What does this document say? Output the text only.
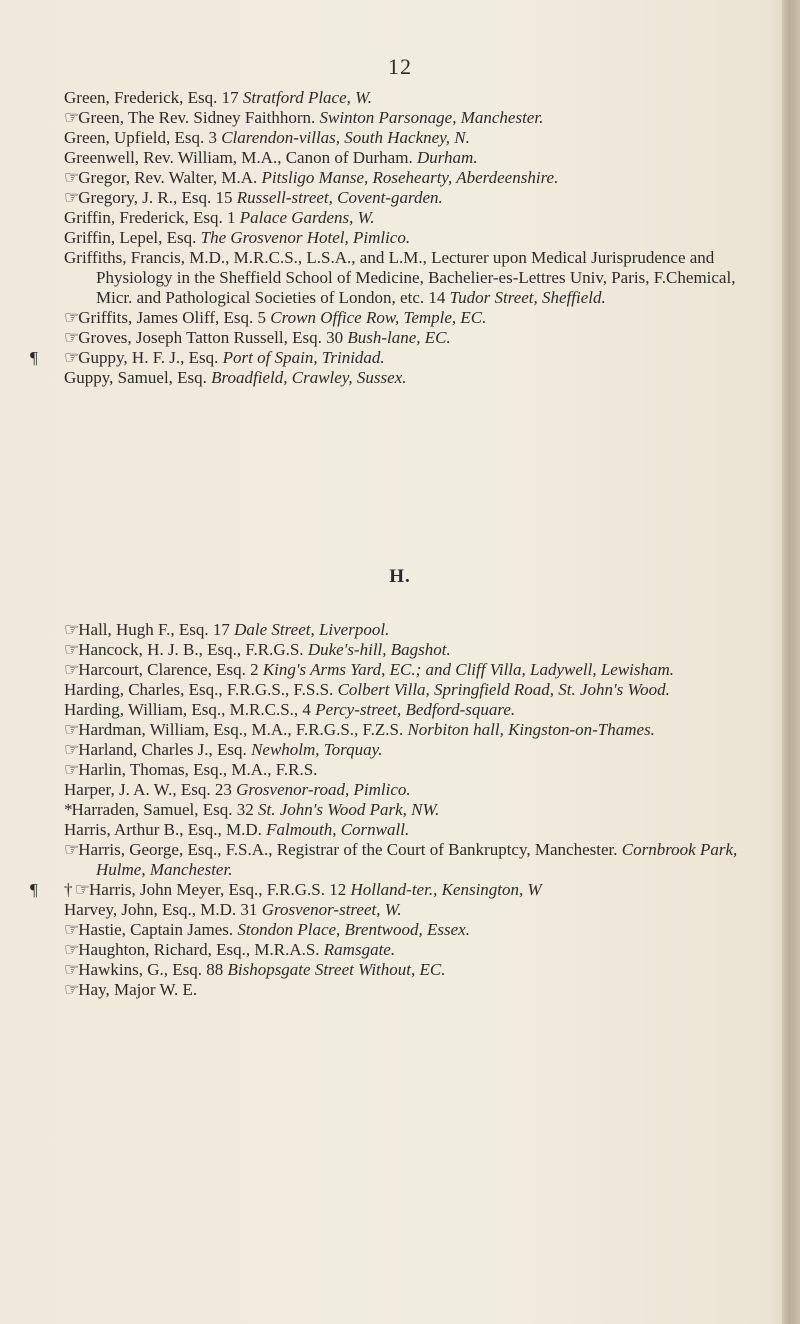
12

Green, Frederick, Esq. 17 Stratford Place, W.

☞Green, The Rev. Sidney Faithhorn. Swinton Parsonage, Manchester.

Green, Upfield, Esq. 3 Clarendon-villas, South Hackney, N.

Greenwell, Rev. William, M.A., Canon of Durham. Durham.

☞Gregor, Rev. Walter, M.A. Pitsligo Manse, Rosehearty, Aberdeenshire.

☞Gregory, J. R., Esq. 15 Russell-street, Covent-garden.

Griffin, Frederick, Esq. 1 Palace Gardens, W.

Griffin, Lepel, Esq. The Grosvenor Hotel, Pimlico.

Griffiths, Francis, M.D., M.R.C.S., L.S.A., and L.M., Lecturer upon Medical Jurisprudence and Physiology in the Sheffield School of Medicine, Bachelier-es-Lettres Univ, Paris, F.Chemical, Micr. and Pathological Societies of London, etc. 14 Tudor Street, Sheffield.

☞Griffits, James Oliff, Esq. 5 Crown Office Row, Temple, EC.

☞Groves, Joseph Tatton Russell, Esq. 30 Bush-lane, EC.

¶ ☞Guppy, H. F. J., Esq. Port of Spain, Trinidad.

Guppy, Samuel, Esq. Broadfield, Crawley, Sussex.

H.

☞Hall, Hugh F., Esq. 17 Dale Street, Liverpool.

☞Hancock, H. J. B., Esq., F.R.G.S. Duke's-hill, Bagshot.

☞Harcourt, Clarence, Esq. 2 King's Arms Yard, EC.; and Cliff Villa, Ladywell, Lewisham.

Harding, Charles, Esq., F.R.G.S., F.S.S. Colbert Villa, Springfield Road, St. John's Wood.

Harding, William, Esq., M.R.C.S., 4 Percy-street, Bedford-square.

☞Hardman, William, Esq., M.A., F.R.G.S., F.Z.S. Norbiton hall, Kingston-on-Thames.

☞Harland, Charles J., Esq. Newholm, Torquay.

☞Harlin, Thomas, Esq., M.A., F.R.S.

Harper, J. A. W., Esq. 23 Grosvenor-road, Pimlico.

*Harraden, Samuel, Esq. 32 St. John's Wood Park, NW.

Harris, Arthur B., Esq., M.D. Falmouth, Cornwall.

☞Harris, George, Esq., F.S.A., Registrar of the Court of Bankruptcy, Manchester. Cornbrook Park, Hulme, Manchester.

¶ † ☞Harris, John Meyer, Esq., F.R.G.S. 12 Holland-ter., Kensington, W

Harvey, John, Esq., M.D. 31 Grosvenor-street, W.

☞Hastie, Captain James. Stondon Place, Brentwood, Essex.

☞Haughton, Richard, Esq., M.R.A.S. Ramsgate.

☞Hawkins, G., Esq. 88 Bishopsgate Street Without, EC.

☞Hay, Major W. E.
